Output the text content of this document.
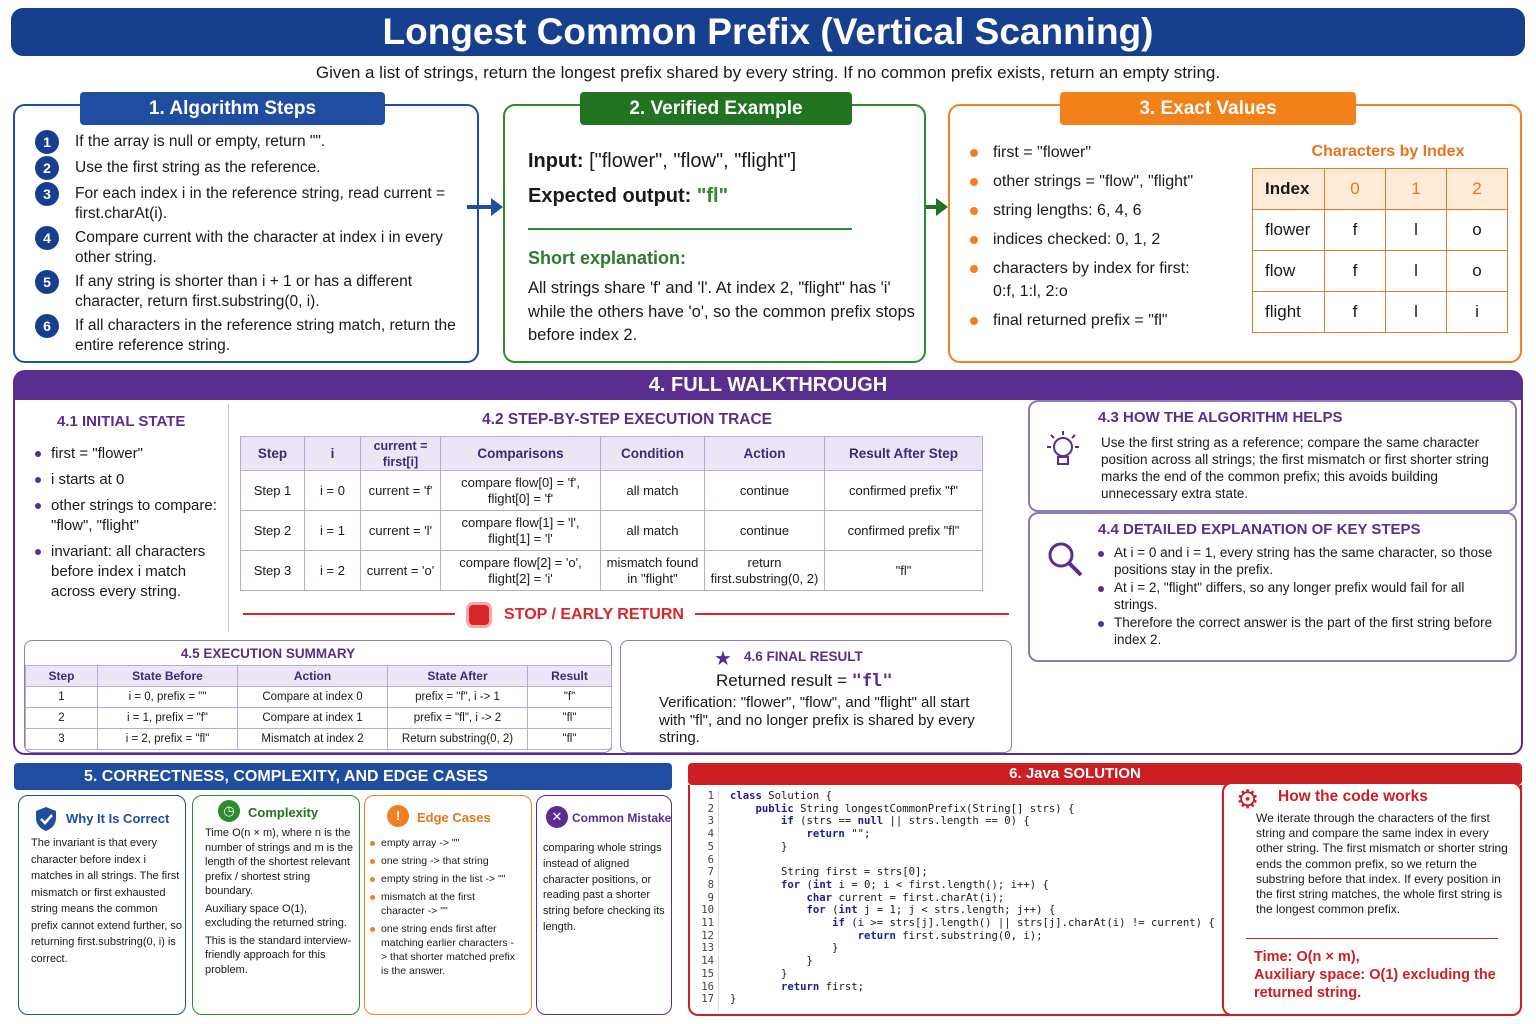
Longest Common Prefix (Vertical Scanning)
Given a list of strings, return the longest prefix shared by every string. If no common prefix exists, return an empty string.
1. Algorithm Steps
1	If the array is null or empty, return "".
2	Use the first string as the reference.
3	For each index i in the reference string, read current = first.charAt(i).
4	Compare current with the character at index i in every other string.
5	If any string is shorter than i + 1 or has a different character, return first.substring(0, i).
6	If all characters in the reference string match, return the entire reference string.
2. Verified Example
Input: ["flower", "flow", "flight"]
Expected output: "fl"
Short explanation:
All strings share 'f' and 'l'. At index 2, "flight" has 'i' while the others have 'o', so the common prefix stops before index 2.
3. Exact Values
first = "flower"
other strings = "flow", "flight"
string lengths: 6, 4, 6
indices checked: 0, 1, 2
characters by index for first: 0:f, 1:l, 2:o
final returned prefix = "fl"
Characters by Index
Index	0	1	2
flower	f	l	o
flow	f	l	o
flight	f	l	i
4. FULL WALKTHROUGH
4.1 INITIAL STATE
first = "flower"
i starts at 0
other strings to compare: "flow", "flight"
invariant: all characters before index i match across every string.
4.2 STEP-BY-STEP EXECUTION TRACE
Step	i	current = first[i]	Comparisons	Condition	Action	Result After Step
Step 1	i = 0	current = 'f'	compare flow[0] = 'f', flight[0] = 'f'	all match	continue	confirmed prefix "f"
Step 2	i = 1	current = 'l'	compare flow[1] = 'l', flight[1] = 'l'	all match	continue	confirmed prefix "fl"
Step 3	i = 2	current = 'o'	compare flow[2] = 'o', flight[2] = 'i'	mismatch found in "flight"	return first.substring(0, 2)	"fl"
STOP / EARLY RETURN
4.3 HOW THE ALGORITHM HELPS
Use the first string as a reference; compare the same character position across all strings; the first mismatch or first shorter string marks the end of the common prefix; this avoids building unnecessary extra state.
4.4 DETAILED EXPLANATION OF KEY STEPS
At i = 0 and i = 1, every string has the same character, so those positions stay in the prefix.
At i = 2, "flight" differs, so any longer prefix would fail for all strings.
Therefore the correct answer is the part of the first string before index 2.
4.5 EXECUTION SUMMARY
Step	State Before	Action	State After	Result
1	i = 0, prefix = ""	Compare at index 0	prefix = "f", i -> 1	"f"
2	i = 1, prefix = "f"	Compare at index 1	prefix = "fl", i -> 2	"fl"
3	i = 2, prefix = "fl"	Mismatch at index 2	Return substring(0, 2)	"fl"
★ 4.6 FINAL RESULT
Returned result = "fl"
Verification: "flower", "flow", and "flight" all start with "fl", and no longer prefix is shared by every string.
5. CORRECTNESS, COMPLEXITY, AND EDGE CASES
Why It Is Correct
The invariant is that every character before index i matches in all strings. The first mismatch or first exhausted string means the common prefix cannot extend further, so returning first.substring(0, i) is correct.
◷	Complexity
Time O(n × m), where n is the number of strings and m is the length of the shortest relevant prefix / shortest string boundary.
Auxiliary space O(1), excluding the returned string.
This is the standard interview-friendly approach for this problem.
!	Edge Cases
empty array -> ""
one string -> that string
empty string in the list -> ""
mismatch at the first character -> ""
one string ends first after matching earlier characters -> that shorter matched prefix is the answer.
✕ Common Mistake
comparing whole strings instead of aligned character positions, or reading past a shorter string before checking its length.
6. Java SOLUTION
1 class Solution {
2	public String longestCommonPrefix(String[] strs) {
3	if (strs == null || strs.length == 0) {
4	return "";
5        }
6
7        String first = strs[0];
8	for (int i = 0; i < first.length(); i++) {
9	char current = first.charAt(i);
10	for (int j = 1; j < strs.length; j++) {
11	if (i >= strs[j].length() || strs[j].charAt(i) != current) {
12	return first.substring(0, i);
13                }
14            }
15        }
16	return first;
17 }
⚙ How the code works
We iterate through the characters of the first string and compare the same index in every other string. The first mismatch or shorter string ends the common prefix, so we return the substring before that index. If every position in the first string matches, the whole first string is the longest common prefix.
Time: O(n × m),
Auxiliary space: O(1) excluding the returned string.
